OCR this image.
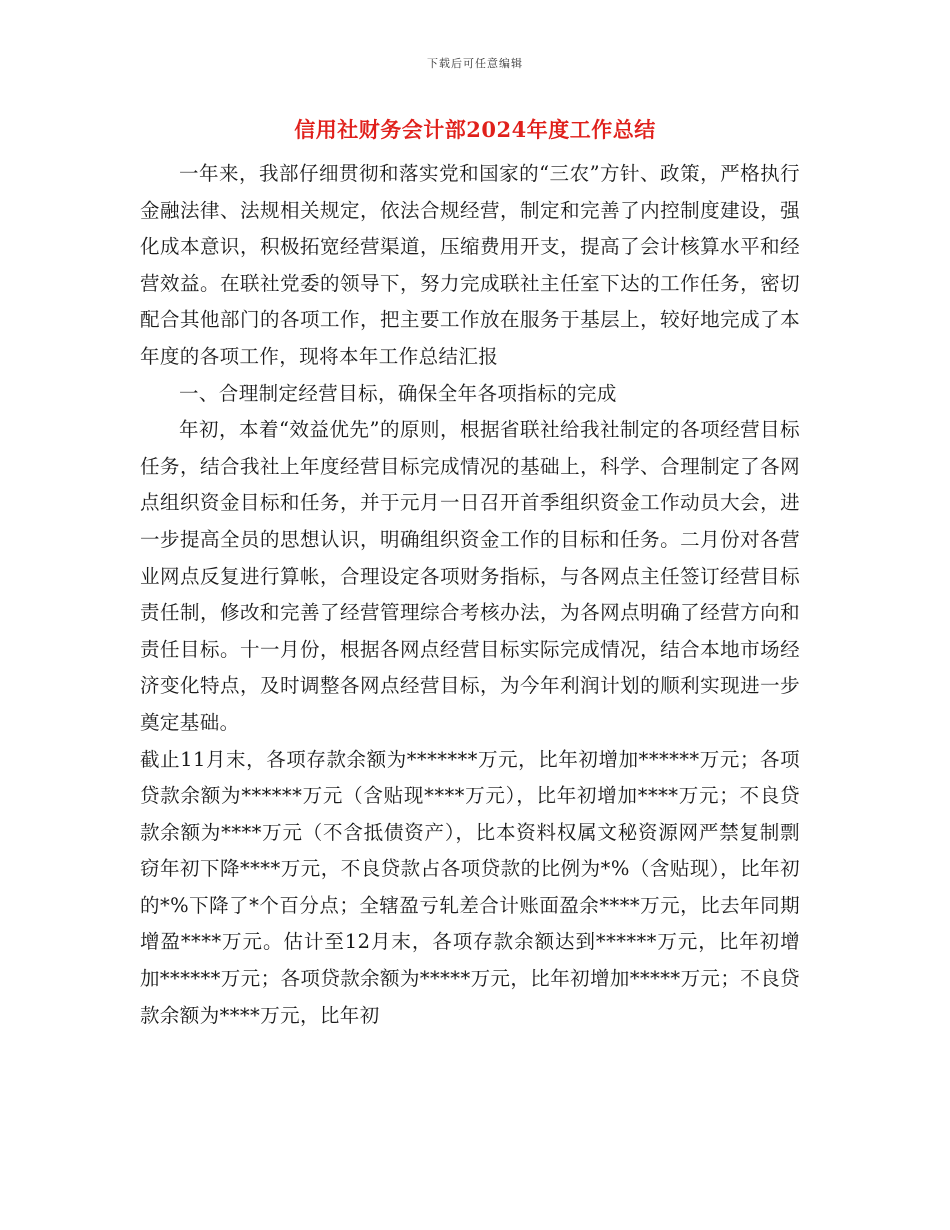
下载后可任意编辑
信用社财务会计部2024年度工作总结

一年来，我部仔细贯彻和落实党和国家的“三农”方针、政策，严格执行金融法律、法规相关规定，依法合规经营，制定和完善了内控制度建设，强化成本意识，积极拓宽经营渠道，压缩费用开支，提高了会计核算水平和经营效益。在联社党委的领导下，努力完成联社主任室下达的工作任务，密切配合其他部门的各项工作，把主要工作放在服务于基层上，较好地完成了本年度的各项工作，现将本年工作总结汇报

一、合理制定经营目标，确保全年各项指标的完成

年初，本着“效益优先”的原则，根据省联社给我社制定的各项经营目标任务，结合我社上年度经营目标完成情况的基础上，科学、合理制定了各网点组织资金目标和任务，并于元月一日召开首季组织资金工作动员大会，进一步提高全员的思想认识，明确组织资金工作的目标和任务。二月份对各营业网点反复进行算帐，合理设定各项财务指标，与各网点主任签订经营目标责任制，修改和完善了经营管理综合考核办法，为各网点明确了经营方向和责任目标。十一月份，根据各网点经营目标实际完成情况，结合本地市场经济变化特点，及时调整各网点经营目标，为今年利润计划的顺利实现进一步奠定基础。

截止11月末，各项存款余额为*******万元，比年初增加******万元；各项贷款余额为******万元（含贴现****万元），比年初增加****万元；不良贷款余额为****万元（不含抵债资产），比本资料权属文秘资源网严禁复制剽窃年初下降****万元，不良贷款占各项贷款的比例为*%（含贴现），比年初的*%下降了*个百分点；全辖盈亏轧差合计账面盈余****万元，比去年同期增盈****万元。估计至12月末，各项存款余额达到******万元，比年初增加******万元；各项贷款余额为*****万元，比年初增加*****万元；不良贷款余额为****万元，比年初
